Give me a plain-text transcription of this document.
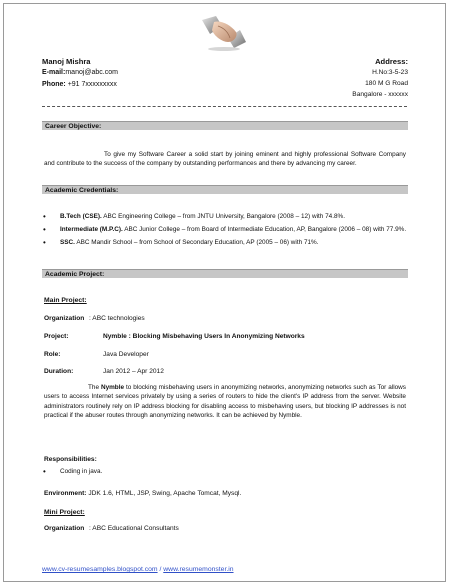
Manoj Mishra	Address:
E-mail:manoj@abc.com
Phone: +91 7xxxxxxxxx
H.No:3-5-23
180 M G Road
Bangalore - xxxxxx
Career Objective:
To give my Software Career a solid start by joining eminent and highly professional Software Company and contribute to the success of the company by outstanding performances and there by advancing my career.
Academic Credentials:
• B.Tech (CSE). ABC Engineering College – from JNTU University, Bangalore (2008 – 12) with 74.8%.
• Intermediate (M.P.C). ABC Junior College – from Board of Intermediate Education, AP, Bangalore (2006 – 08) with 77.9%.
• SSC. ABC Mandir School – from School of Secondary Education, AP (2005 – 06) with 71%.
Academic Project:
Main Project:
Organization : ABC technologies
Project:	Nymble : Blocking Misbehaving Users In Anonymizing Networks
Role:	Java Developer
Duration:	Jan 2012 – Apr 2012
The Nymble to blocking misbehaving users in anonymizing networks, anonymizing networks such as Tor allows users to access Internet services privately by using a series of routers to hide the client's IP address from the server. Website administrators routinely rely on IP address blocking for disabling access to misbehaving users, but blocking IP addresses is not practical if the abuser routes through anonymizing networks. It can be achieved by Nymble.
Responsibilities:
• Coding in java.
Environment: JDK 1.6, HTML, JSP, Swing, Apache Tomcat, Mysql.
Mini Project:
Organization : ABC Educational Consultants
www.cv-resumesamples.blogspot.com / www.resumemonster.in
